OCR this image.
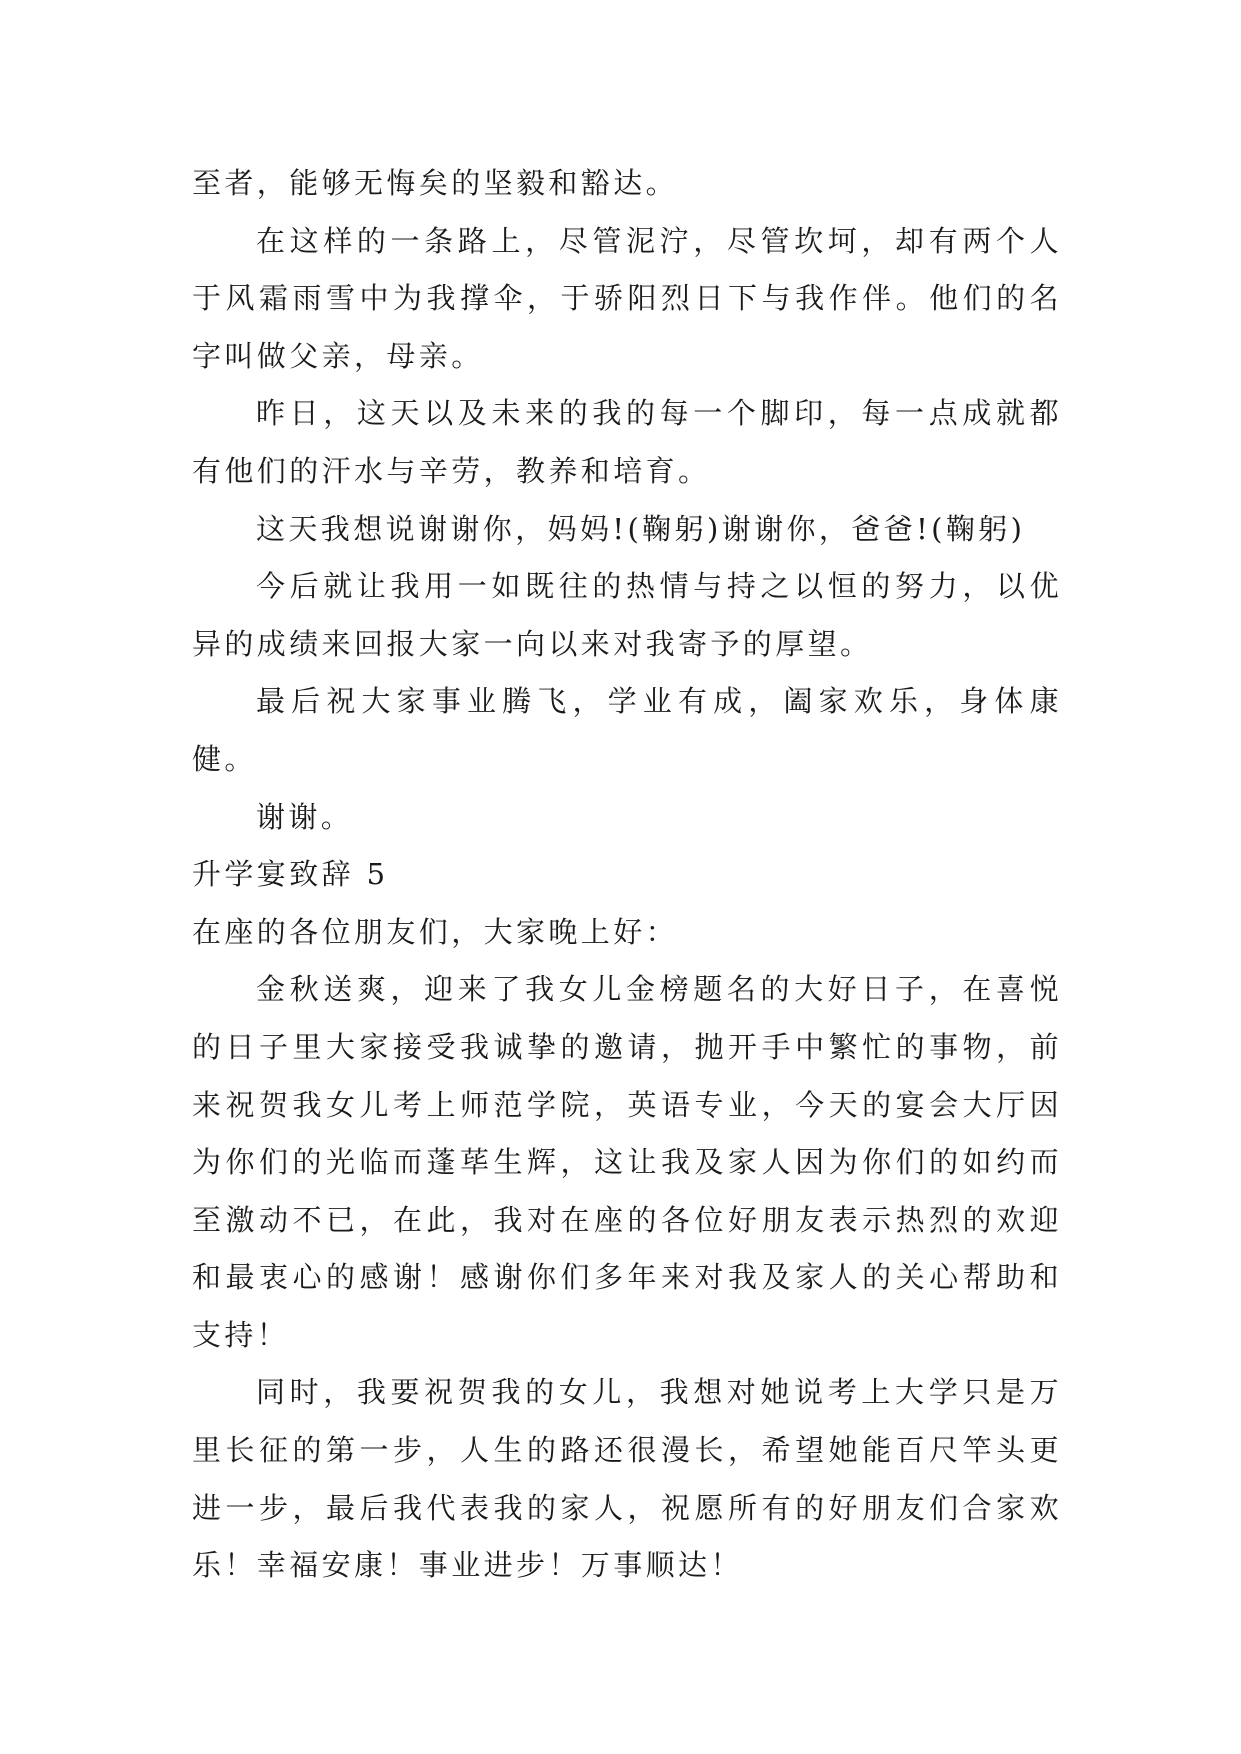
至者，能够无悔矣的坚毅和豁达。

在这样的一条路上，尽管泥泞，尽管坎坷，却有两个人于风霜雨雪中为我撑伞，于骄阳烈日下与我作伴。他们的名字叫做父亲，母亲。

昨日，这天以及未来的我的每一个脚印，每一点成就都有他们的汗水与辛劳，教养和培育。

这天我想说谢谢你，妈妈!(鞠躬)谢谢你，爸爸!(鞠躬)

今后就让我用一如既往的热情与持之以恒的努力，以优异的成绩来回报大家一向以来对我寄予的厚望。

最后祝大家事业腾飞，学业有成，阖家欢乐，身体康健。

谢谢。

升学宴致辞 5

在座的各位朋友们，大家晚上好：

金秋送爽，迎来了我女儿金榜题名的大好日子，在喜悦的日子里大家接受我诚挚的邀请，抛开手中繁忙的事物，前来祝贺我女儿考上师范学院，英语专业，今天的宴会大厅因为你们的光临而蓬荜生辉，这让我及家人因为你们的如约而至激动不已，在此，我对在座的各位好朋友表示热烈的欢迎和最衷心的感谢！感谢你们多年来对我及家人的关心帮助和支持！

同时，我要祝贺我的女儿，我想对她说考上大学只是万里长征的第一步，人生的路还很漫长，希望她能百尺竿头更进一步，最后我代表我的家人，祝愿所有的好朋友们合家欢乐！幸福安康！事业进步！万事顺达！
